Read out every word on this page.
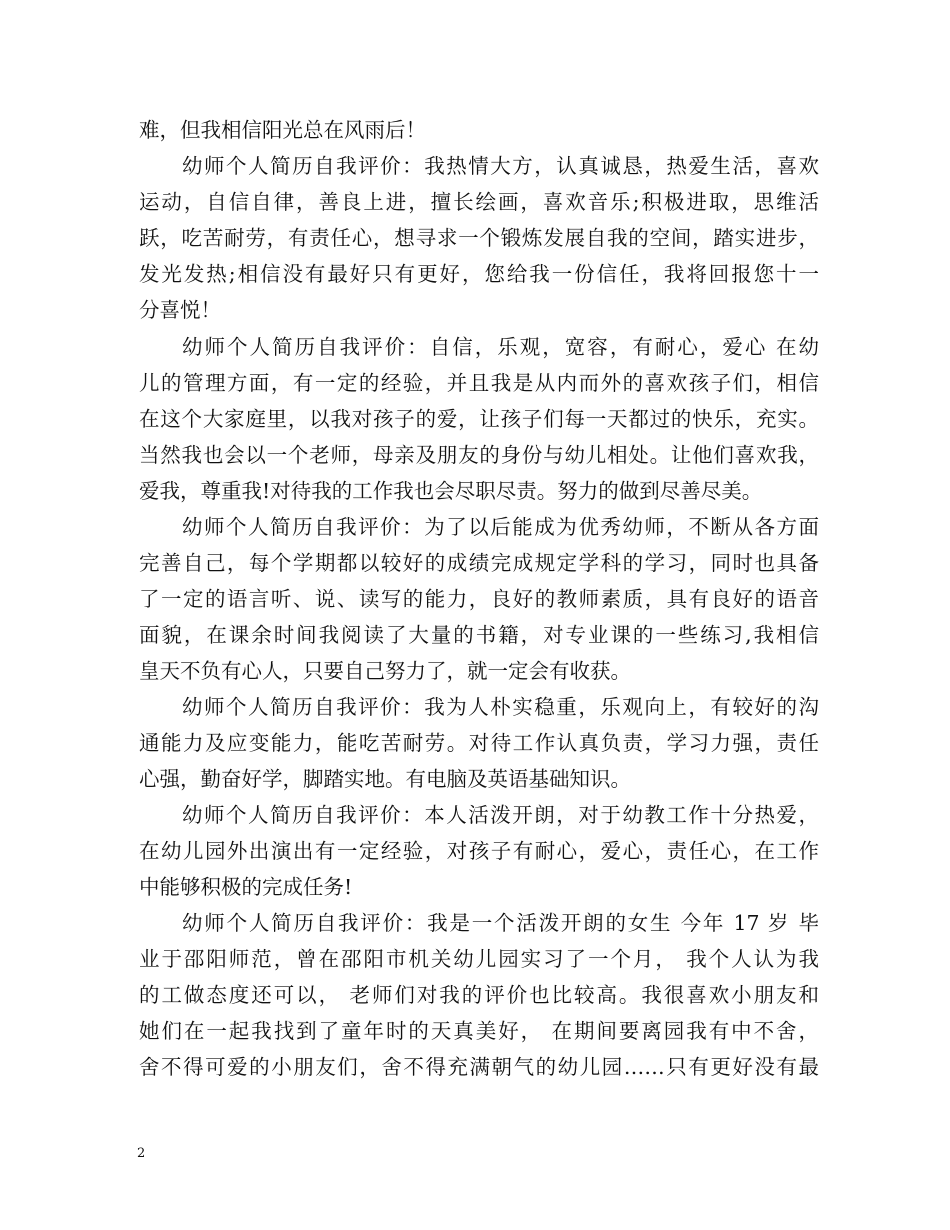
难，但我相信阳光总在风雨后！
幼师个人简历自我评价：我热情大方，认真诚恳，热爱生活，喜欢
运动，自信自律，善良上进，擅长绘画，喜欢音乐;积极进取，思维活
跃，吃苦耐劳，有责任心，想寻求一个锻炼发展自我的空间，踏实进步，
发光发热;相信没有最好只有更好，您给我一份信任，我将回报您十一
分喜悦！
幼师个人简历自我评价：自信，乐观，宽容，有耐心，爱心 在幼
儿的管理方面，有一定的经验，并且我是从内而外的喜欢孩子们，相信
在这个大家庭里，以我对孩子的爱，让孩子们每一天都过的快乐，充实。
当然我也会以一个老师，母亲及朋友的身份与幼儿相处。让他们喜欢我，
爱我，尊重我!对待我的工作我也会尽职尽责。努力的做到尽善尽美。
幼师个人简历自我评价：为了以后能成为优秀幼师，不断从各方面
完善自己，每个学期都以较好的成绩完成规定学科的学习，同时也具备
了一定的语言听、说、读写的能力，良好的教师素质，具有良好的语音
面貌，在课余时间我阅读了大量的书籍，对专业课的一些练习,我相信
皇天不负有心人，只要自己努力了，就一定会有收获。
幼师个人简历自我评价：我为人朴实稳重，乐观向上，有较好的沟
通能力及应变能力，能吃苦耐劳。对待工作认真负责，学习力强，责任
心强，勤奋好学，脚踏实地。有电脑及英语基础知识。
幼师个人简历自我评价：本人活泼开朗，对于幼教工作十分热爱，
在幼儿园外出演出有一定经验，对孩子有耐心，爱心，责任心，在工作
中能够积极的完成任务!
幼师个人简历自我评价：我是一个活泼开朗的女生 今年 17 岁 毕
业于邵阳师范，曾在邵阳市机关幼儿园实习了一个月， 我个人认为我
的工做态度还可以， 老师们对我的评价也比较高。我很喜欢小朋友和
她们在一起我找到了童年时的天真美好， 在期间要离园我有中不舍，
舍不得可爱的小朋友们，舍不得充满朝气的幼儿园……只有更好没有最
2
